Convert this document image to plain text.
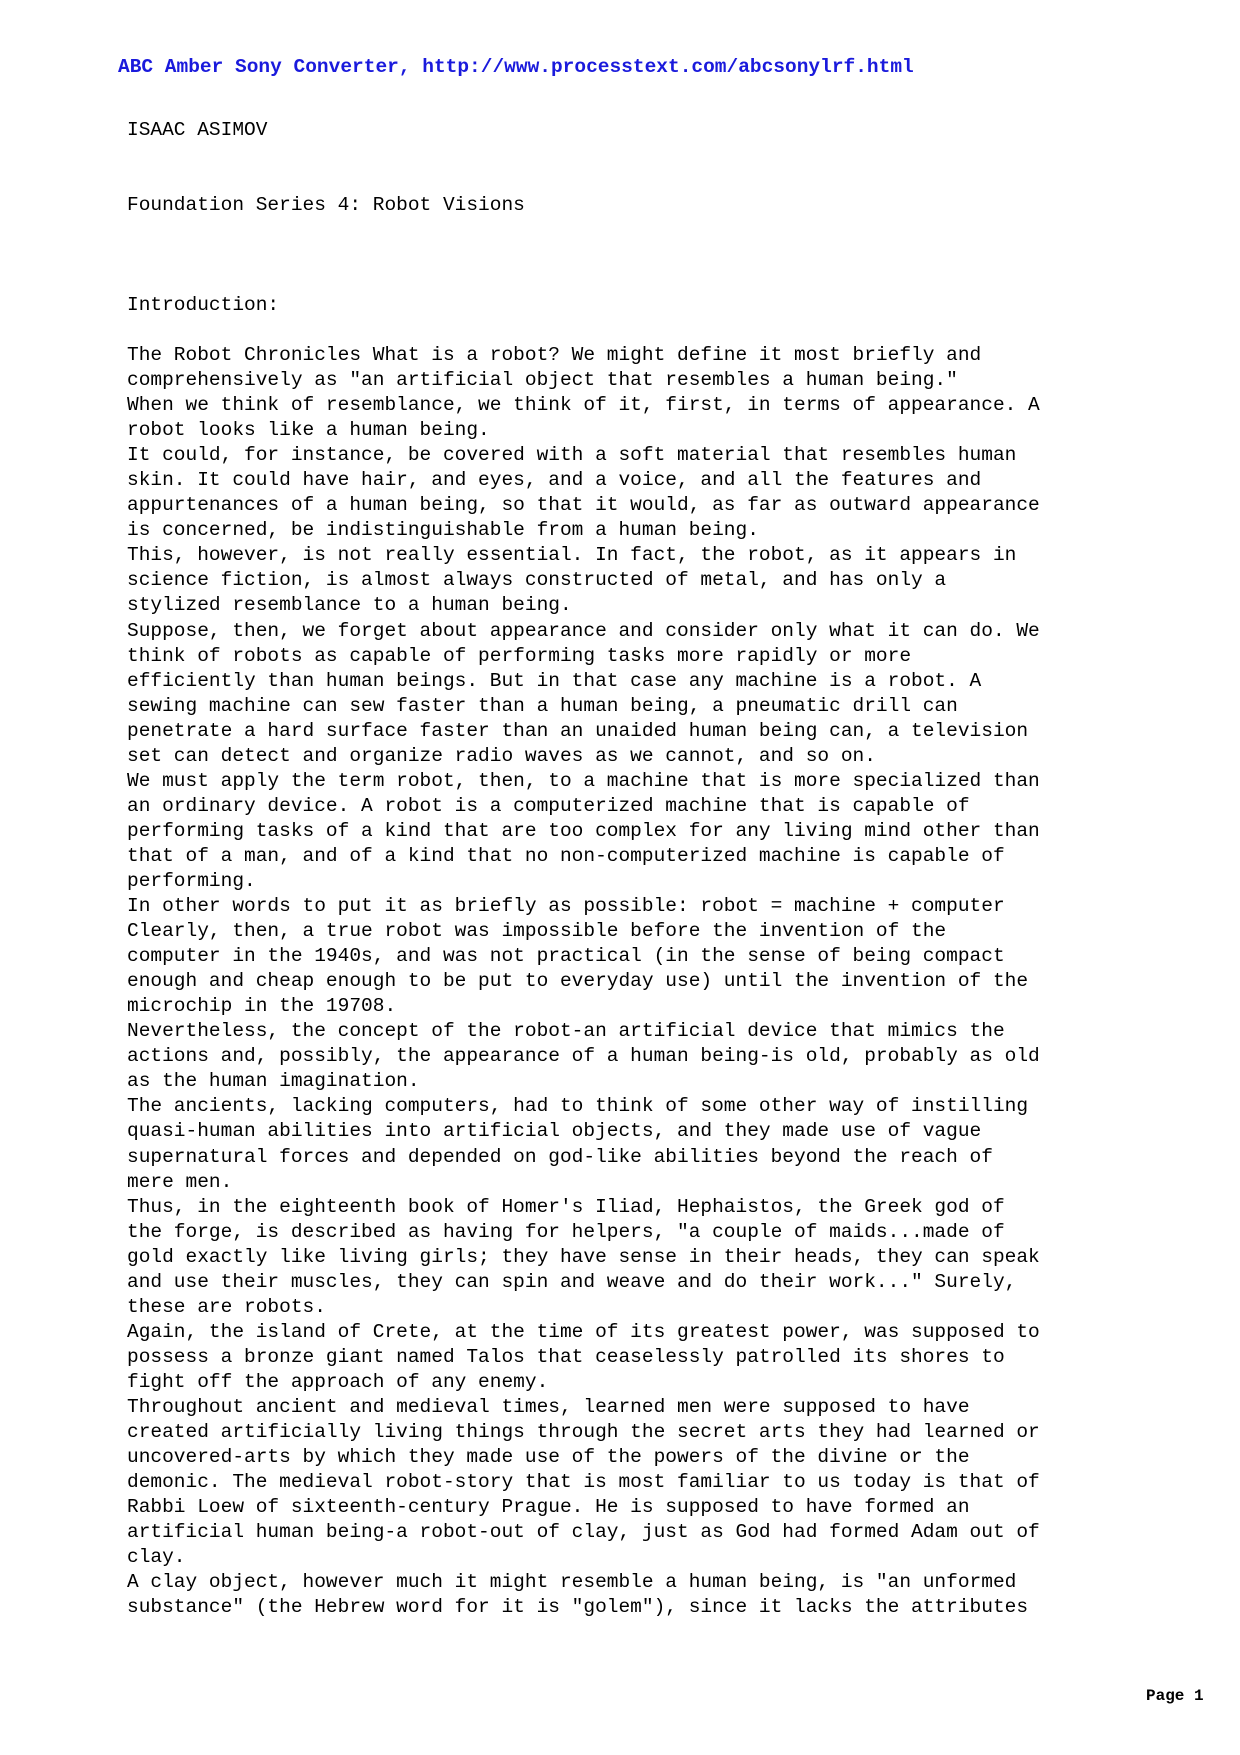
ABC Amber Sony Converter, http://www.processtext.com/abcsonylrf.html
ISAAC ASIMOV
Foundation Series 4: Robot Visions
Introduction:
The Robot Chronicles What is a robot? We might define it most briefly and
comprehensively as "an artificial object that resembles a human being."
When we think of resemblance, we think of it, first, in terms of appearance. A
robot looks like a human being.
It could, for instance, be covered with a soft material that resembles human
skin. It could have hair, and eyes, and a voice, and all the features and
appurtenances of a human being, so that it would, as far as outward appearance
is concerned, be indistinguishable from a human being.
This, however, is not really essential. In fact, the robot, as it appears in
science fiction, is almost always constructed of metal, and has only a
stylized resemblance to a human being.
Suppose, then, we forget about appearance and consider only what it can do. We
think of robots as capable of performing tasks more rapidly or more
efficiently than human beings. But in that case any machine is a robot. A
sewing machine can sew faster than a human being, a pneumatic drill can
penetrate a hard surface faster than an unaided human being can, a television
set can detect and organize radio waves as we cannot, and so on.
We must apply the term robot, then, to a machine that is more specialized than
an ordinary device. A robot is a computerized machine that is capable of
performing tasks of a kind that are too complex for any living mind other than
that of a man, and of a kind that no non-computerized machine is capable of
performing.
In other words to put it as briefly as possible: robot = machine + computer
Clearly, then, a true robot was impossible before the invention of the
computer in the 1940s, and was not practical (in the sense of being compact
enough and cheap enough to be put to everyday use) until the invention of the
microchip in the 19708.
Nevertheless, the concept of the robot-an artificial device that mimics the
actions and, possibly, the appearance of a human being-is old, probably as old
as the human imagination.
The ancients, lacking computers, had to think of some other way of instilling
quasi-human abilities into artificial objects, and they made use of vague
supernatural forces and depended on god-like abilities beyond the reach of
mere men.
Thus, in the eighteenth book of Homer's Iliad, Hephaistos, the Greek god of
the forge, is described as having for helpers, "a couple of maids...made of
gold exactly like living girls; they have sense in their heads, they can speak
and use their muscles, they can spin and weave and do their work..." Surely,
these are robots.
Again, the island of Crete, at the time of its greatest power, was supposed to
possess a bronze giant named Talos that ceaselessly patrolled its shores to
fight off the approach of any enemy.
Throughout ancient and medieval times, learned men were supposed to have
created artificially living things through the secret arts they had learned or
uncovered-arts by which they made use of the powers of the divine or the
demonic. The medieval robot-story that is most familiar to us today is that of
Rabbi Loew of sixteenth-century Prague. He is supposed to have formed an
artificial human being-a robot-out of clay, just as God had formed Adam out of
clay.
A clay object, however much it might resemble a human being, is "an unformed
substance" (the Hebrew word for it is "golem"), since it lacks the attributes
Page 1
